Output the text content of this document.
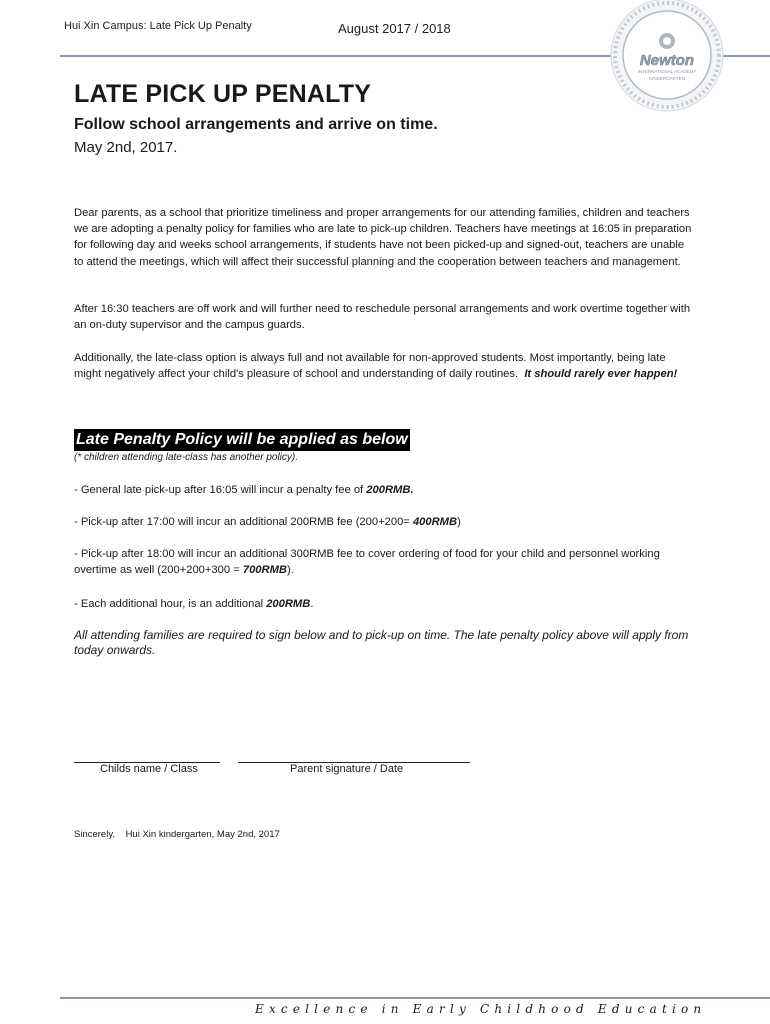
Hui Xin Campus: Late Pick Up Penalty	August 2017 / 2018
Newton
INTERNATIONAL ACADEMY
KINDERGARTEN
LATE PICK UP PENALTY
Follow school arrangements and arrive on time.
May 2nd, 2017.

Dear parents, as a school that prioritize timeliness and proper arrangements for our attending families, children and teachers we are adopting a penalty policy for families who are late to pick-up children. Teachers have meetings at 16:05 in preparation for following day and weeks school arrangements, if students have not been picked-up and signed-out, teachers are unable to attend the meetings, which will affect their successful planning and the cooperation between teachers and management.

After 16:30 teachers are off work and will further need to reschedule personal arrangements and work overtime together with an on-duty supervisor and the campus guards.

Additionally, the late-class option is always full and not available for non-approved students. Most importantly, being late might negatively affect your child's pleasure of school and understanding of daily routines. It should rarely ever happen!

Late Penalty Policy will be applied as below
(* children attending late-class has another policy).

- General late pick-up after 16:05 will incur a penalty fee of 200RMB.

- Pick-up after 17:00 will incur an additional 200RMB fee (200+200= 400RMB)

- Pick-up after 18:00 will incur an additional 300RMB fee to cover ordering of food for your child and personnel working overtime as well (200+200+300 = 700RMB).

- Each additional hour, is an additional 200RMB.

All attending families are required to sign below and to pick-up on time. The late penalty policy above will apply from today onwards.
Childs name / Class	Parent signature / Date
Sincerely,    Hui Xin kindergarten, May 2nd, 2017
Excellence in Early Childhood Education
